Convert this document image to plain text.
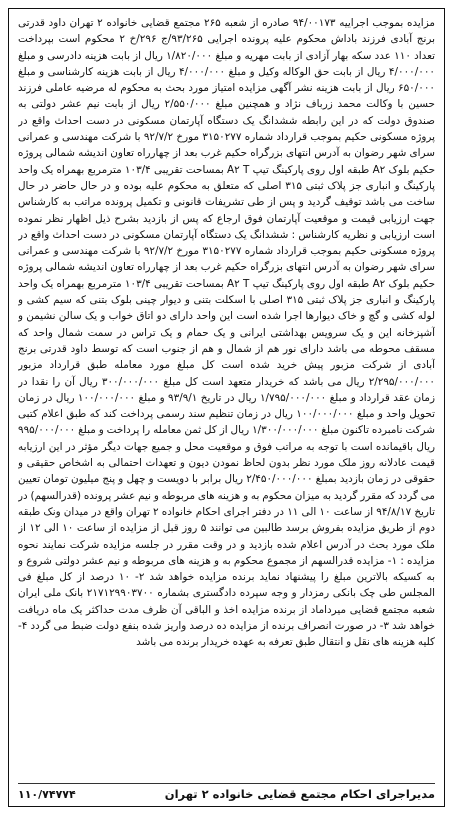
مزایده بموجب اجراییه ۹۴/۰۰۱۷۳ صادره از شعبه ۲۶۵ مجتمع قضایی خانواده ۲ تهران داود قدرتی برنج آبادی فرزند باداش محکوم علیه پرونده اجرایی ۹۳/۲۶۵/ج ۲۹۶/خ ۲ محکوم است بپرداخت تعداد ۱۱۰ عدد سکه بهار آزادی از بابت مهریه و مبلغ ۱/۸۲۰/۰۰۰ ریال از بابت هزینه دادرسی و مبلغ ۴/۰۰۰/۰۰۰ ریال از بابت حق الوکاله وکیل و مبلغ ۴/۰۰۰/۰۰۰ ریال از بابت هزینه کارشناسی و مبلغ ۶۵۰/۰۰۰ ریال از بابت هزینه نشر آگهی مزایده امتیاز مورد بحث به محکوم له مرضیه عاملی فرزند حسین با وکالت محمد زرباف نژاد و همچنین مبلغ ۲/۵۵۰/۰۰۰ ریال از بابت نیم عشر دولتی به صندوق دولت که در این رابطه ششدانگ یک دستگاه آپارتمان مسکونی در دست احداث واقع در پروژه مسکونی حکیم بموجب قرارداد شماره ۳۱۵۰۲۷۷ مورخ ۹۲/۷/۲ با شرکت مهندسی و عمرانی سرای شهر رضوان به آدرس انتهای بزرگراه حکیم غرب بعد از چهارراه تعاون اندیشه شمالی پروژه حکیم بلوک A۲ طبقه اول روی پارکینگ تیپ A۲ T بمساحت تقریبی ۱۰۳/۴ مترمربع بهمراه یک واحد پارکینگ و انباری جز پلاک ثبتی ۳۱۵ اصلی که متعلق به محکوم علیه بوده و در حال حاضر در حال ساخت می باشد توقیف گردید و پس از طی تشریفات قانونی و تکمیل پرونده مراتب به کارشناس جهت ارزیابی قیمت و موقعیت آپارتمان فوق ارجاع که پس از بازدید بشرح ذیل اظهار نظر نموده است ارزیابی و نظریه کارشناس : ششدانگ یک دستگاه آپارتمان مسکونی در دست احداث واقع در پروژه مسکونی حکیم بموجب قرارداد شماره ۳۱۵۰۲۷۷ مورخ ۹۲/۷/۲ با شرکت مهندسی و عمرانی سرای شهر رضوان به آدرس انتهای بزرگراه حکیم غرب بعد از چهارراه تعاون اندیشه شمالی پروژه حکیم بلوک A۲ طبقه اول روی پارکینگ تیپ A۲ T بمساحت تقریبی ۱۰۳/۴ مترمربع بهمراه یک واحد پارکینگ و انباری جز پلاک ثبتی ۳۱۵ اصلی با اسکلت بتنی و دیوار چینی بلوک بتنی که سیم کشی و لوله کشی و گچ و خاک دیوارها اجرا شده است این واحد دارای دو اتاق خواب و یک سالن نشیمن و آشپزخانه این و یک سرویس بهداشتی ایرانی و یک حمام و یک تراس در سمت شمال واحد که مسقف محوطه می باشد دارای نور هم از شمال و هم از جنوب است که توسط داود قدرتی برنج آبادی از شرکت مزبور پیش خرید شده است کل مبلغ مورد معامله طبق قرارداد مزبور ۲/۲۹۵/۰۰۰/۰۰۰ ریال می باشد که خریدار متعهد است کل مبلغ ۳۰۰/۰۰۰/۰۰۰ ریال آن را نقدا در زمان عقد قرارداد و مبلغ ۱/۷۹۵/۰۰۰/۰۰۰ ریال در تاریخ ۹۳/۹/۱ و مبلغ ۱۰۰/۰۰۰/۰۰۰ ریال در زمان تحویل واحد و مبلغ ۱۰۰/۰۰۰/۰۰۰ ریال در زمان تنظیم سند رسمی پرداخت کند که طبق اعلام کتبی شرکت نامبرده تاکنون مبلغ ۱/۳۰۰/۰۰۰/۰۰۰ ریال از کل ثمن معامله را پرداخت و مبلغ ۹۹۵/۰۰۰/۰۰۰ ریال باقیمانده است با توجه به مراتب فوق و موقعیت محل و جمیع جهات دیگر مؤثر در این ارزیابه قیمت عادلانه روز ملک مورد نظر بدون لحاظ نمودن دیون و تعهدات احتمالی به اشخاص حقیقی و حقوقی در زمان بازدید بمبلغ ۲/۴۵۰/۰۰۰/۰۰۰ ریال برابر با دویست و چهل و پنج میلیون تومان تعیین می گردد که مقرر گردید به میزان محکوم به و هزینه های مربوطه و نیم عشر پرونده (قدرالسهم) در تاریخ ۹۴/۸/۱۷ از ساعت ۱۰ الی ۱۱ در دفتر اجرای احکام خانواده ۲ تهران واقع در میدان ونک طبقه دوم از طریق مزایده بفروش برسد طالبین می توانند ۵ روز قبل از مزایده از ساعت ۱۰ الی ۱۲ از ملک مورد بحث در آدرس اعلام شده بازدید و در وقت مقرر در جلسه مزایده شرکت نمایند نحوه مزایده : ۱- مزایده قدرالسهم از مجموع محکوم به و هزینه های مربوطه و نیم عشر دولتی شروع و به کسیکه بالاترین مبلغ را پیشنهاد نماید برنده مزایده خواهد شد ۲- ۱۰ درصد از کل مبلغ فی المجلس طی چک بانکی رمزدار و وجه سپرده دادگستری بشماره ۲۱۷۱۲۹۹۰۳۷۰۰ بانک ملی ایران شعبه مجتمع قضایی میرداماد از برنده مزایده اخذ و الباقی آن ظرف مدت حداکثر یک ماه دریافت خواهد شد ۳- در صورت انصراف برنده از مزایده ده درصد واریز شده بنفع دولت ضبط می گردد ۴- کلیه هزینه های نقل و انتقال طبق تعرفه به عهده خریدار برنده می باشد
مدیراجرای احکام مجتمع قضایی خانواده ۲ تهران
۱۱۰/۷۴۷۷۴
